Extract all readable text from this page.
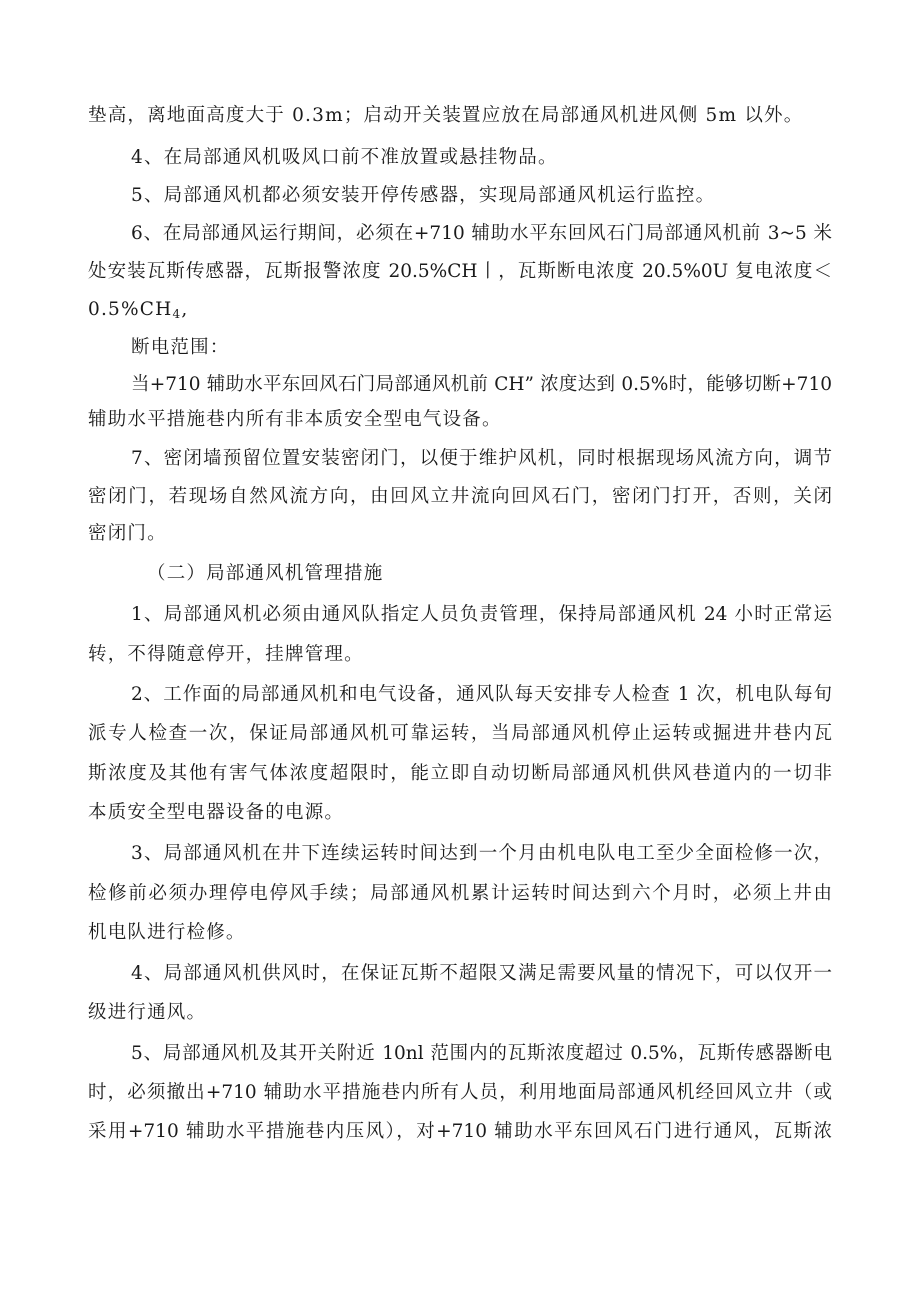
垫高，离地面高度大于 0.3m；启动开关装置应放在局部通风机进风侧 5m 以外。
4、在局部通风机吸风口前不准放置或悬挂物品。
5、局部通风机都必须安装开停传感器，实现局部通风机运行监控。
6、在局部通风运行期间，必须在+710 辅助水平东回风石门局部通风机前 3~5 米
处安装瓦斯传感器，瓦斯报警浓度 20.5%CH丨，瓦斯断电浓度 20.5%0U 复电浓度＜
$0.5\%CH_4$,
断电范围：
当+710 辅助水平东回风石门局部通风机前 CH” 浓度达到 0.5%时，能够切断+710
辅助水平措施巷内所有非本质安全型电气设备。
7、密闭墙预留位置安装密闭门，以便于维护风机，同时根据现场风流方向，调节
密闭门，若现场自然风流方向，由回风立井流向回风石门，密闭门打开，否则，关闭
密闭门。
（二）局部通风机管理措施
1、局部通风机必须由通风队指定人员负责管理，保持局部通风机 24 小时正常运
转，不得随意停开，挂牌管理。
2、工作面的局部通风机和电气设备，通风队每天安排专人检查 1 次，机电队每旬
派专人检查一次，保证局部通风机可靠运转，当局部通风机停止运转或掘进井巷内瓦
斯浓度及其他有害气体浓度超限时，能立即自动切断局部通风机供风巷道内的一切非
本质安全型电器设备的电源。
3、局部通风机在井下连续运转时间达到一个月由机电队电工至少全面检修一次，
检修前必须办理停电停风手续；局部通风机累计运转时间达到六个月时，必须上井由
机电队进行检修。
4、局部通风机供风时，在保证瓦斯不超限又满足需要风量的情况下，可以仅开一
级进行通风。
5、局部通风机及其开关附近 10nl 范围内的瓦斯浓度超过 0.5%，瓦斯传感器断电
时，必须撤出+710 辅助水平措施巷内所有人员，利用地面局部通风机经回风立井（或
采用+710 辅助水平措施巷内压风），对+710 辅助水平东回风石门进行通风，瓦斯浓
